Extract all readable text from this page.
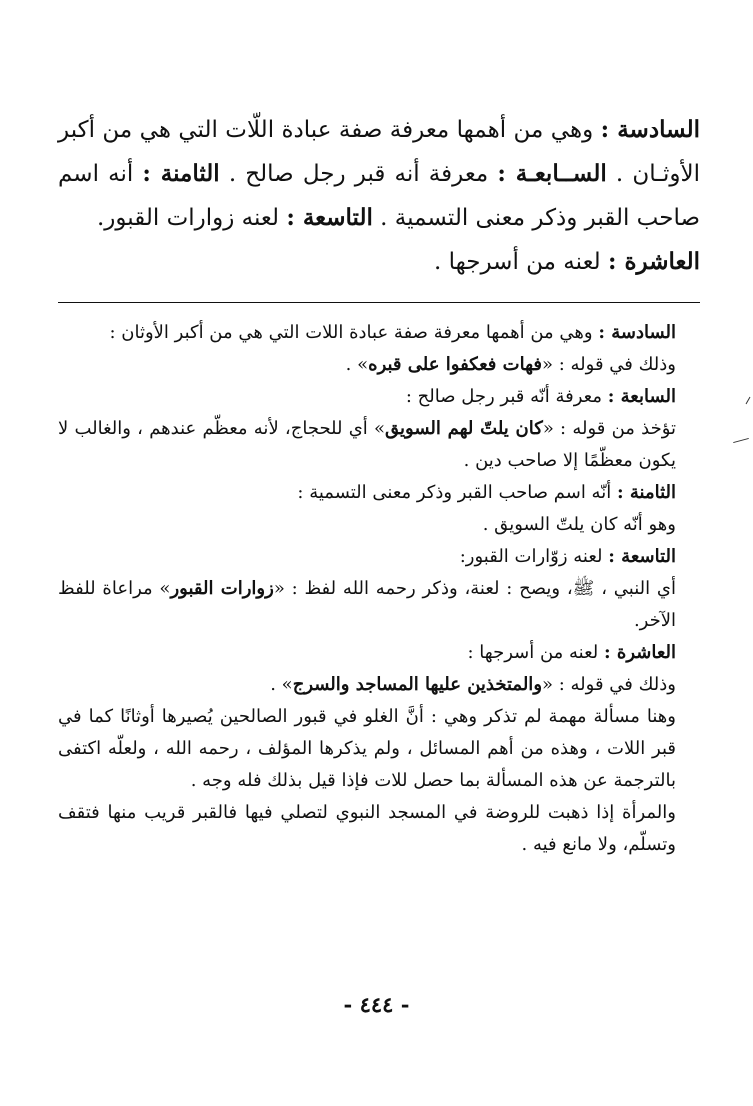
السادسة : وهي من أهمها معرفة صفة عبادة اللّات التي هي من أكبر الأوثـان . الســابعـة : معرفة أنه قبر رجل صالح . الثامنة : أنه اسم صاحب القبر وذكر معنى التسمية . التاسعة : لعنه زوارات القبور.

العاشرة : لعنه من أسرجها .

السادسة : وهي من أهمها معرفة صفة عبادة اللات التي هي من أكبر الأوثان :

وذلك في قوله : «فهات فعكفوا على قبره» .

السابعة : معرفة أنّه قبر رجل صالح :

تؤخذ من قوله : «كان يلتّ لهم السويق» أي للحجاج، لأنه معظّم عندهم ، والغالب لا يكون معظّمًا إلا صاحب دين .

الثامنة : أنّه اسم صاحب القبر وذكر معنى التسمية :

وهو أنّه كان يلتّ السويق .

التاسعة : لعنه زوّارات القبور:

أي النبي ، ﷺ، ويصح : لعنة، وذكر رحمه الله لفظ : «زوارات القبور» مراعاة للفظ الآخر.

العاشرة : لعنه من أسرجها :

وذلك في قوله : «والمتخذين عليها المساجد والسرج» .

وهنا مسألة مهمة لم تذكر وهي : أنَّ الغلو في قبور الصالحين يُصيرها أوثانًا كما في قبر اللات ، وهذه من أهم المسائل ، ولم يذكرها المؤلف ، رحمه الله ، ولعلّه اكتفى بالترجمة عن هذه المسألة بما حصل للات فإذا قيل بذلك فله وجه .

والمرأة إذا ذهبت للروضة في المسجد النبوي لتصلي فيها فالقبر قريب منها فتقف وتسلّم، ولا مانع فيه .

- ٤٤٤ -
